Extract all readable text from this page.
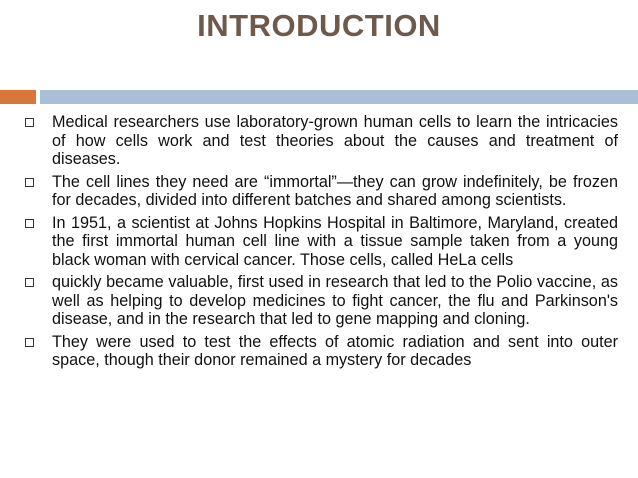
INTRODUCTION
Medical researchers use laboratory-grown human cells to learn the intricacies of how cells work and test theories about the causes and treatment of diseases.
The cell lines they need are “immortal”—they can grow indefinitely, be frozen for decades, divided into different batches and shared among scientists.
In 1951, a scientist at Johns Hopkins Hospital in Baltimore, Maryland, created the first immortal human cell line with a tissue sample taken from a young black woman with cervical cancer. Those cells, called HeLa cells
quickly became valuable, first used in research that led to the Polio vaccine, as well as helping to develop medicines to fight cancer, the flu and Parkinson's disease, and in the research that led to gene mapping and cloning.
They were used to test the effects of atomic radiation and sent into outer space, though their donor remained a mystery for decades
